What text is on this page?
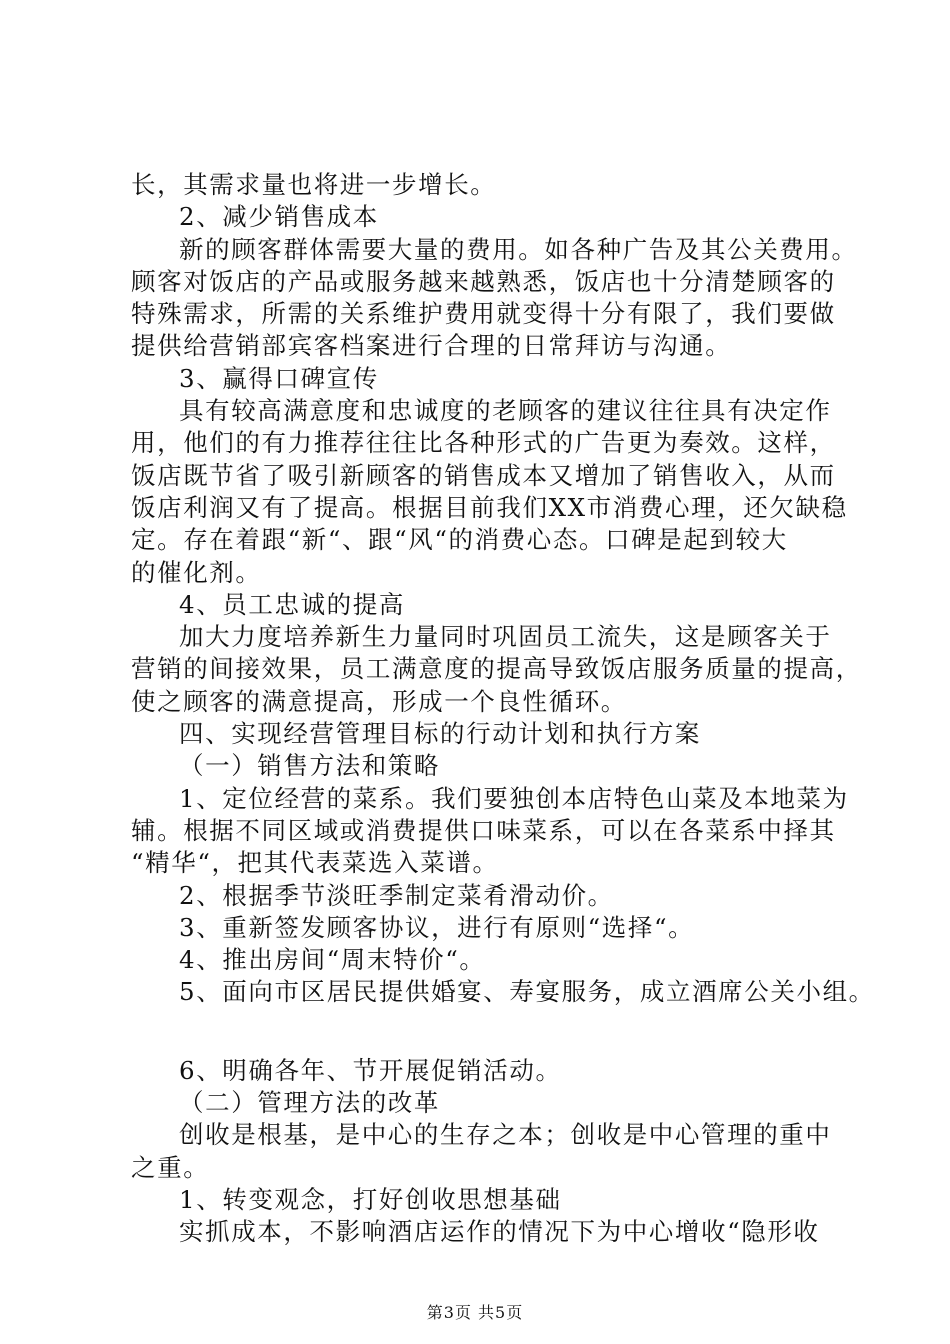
长，其需求量也将进一步增长。
2、减少销售成本
新的顾客群体需要大量的费用。如各种广告及其公关费用。
顾客对饭店的产品或服务越来越熟悉，饭店也十分清楚顾客的
特殊需求，所需的关系维护费用就变得十分有限了，我们要做
提供给营销部宾客档案进行合理的日常拜访与沟通。
3、赢得口碑宣传
具有较高满意度和忠诚度的老顾客的建议往往具有决定作
用，他们的有力推荐往往比各种形式的广告更为奏效。这样，
饭店既节省了吸引新顾客的销售成本又增加了销售收入，从而
饭店利润又有了提高。根据目前我们XX市消费心理，还欠缺稳
定。存在着跟“新“、跟“风“的消费心态。口碑是起到较大
的催化剂。
4、员工忠诚的提高
加大力度培养新生力量同时巩固员工流失，这是顾客关于
营销的间接效果，员工满意度的提高导致饭店服务质量的提高，
使之顾客的满意提高，形成一个良性循环。
四、实现经营管理目标的行动计划和执行方案
（一）销售方法和策略
1、定位经营的菜系。我们要独创本店特色山菜及本地菜为
辅。根据不同区域或消费提供口味菜系，可以在各菜系中择其
“精华“，把其代表菜选入菜谱。
2、根据季节淡旺季制定菜肴滑动价。
3、重新签发顾客协议，进行有原则“选择“。
4、推出房间“周末特价“。
5、面向市区居民提供婚宴、寿宴服务，成立酒席公关小组。
6、明确各年、节开展促销活动。
（二）管理方法的改革
创收是根基，是中心的生存之本；创收是中心管理的重中
之重。
1、转变观念，打好创收思想基础
实抓成本，不影响酒店运作的情况下为中心增收“隐形收
第3页 共5页
